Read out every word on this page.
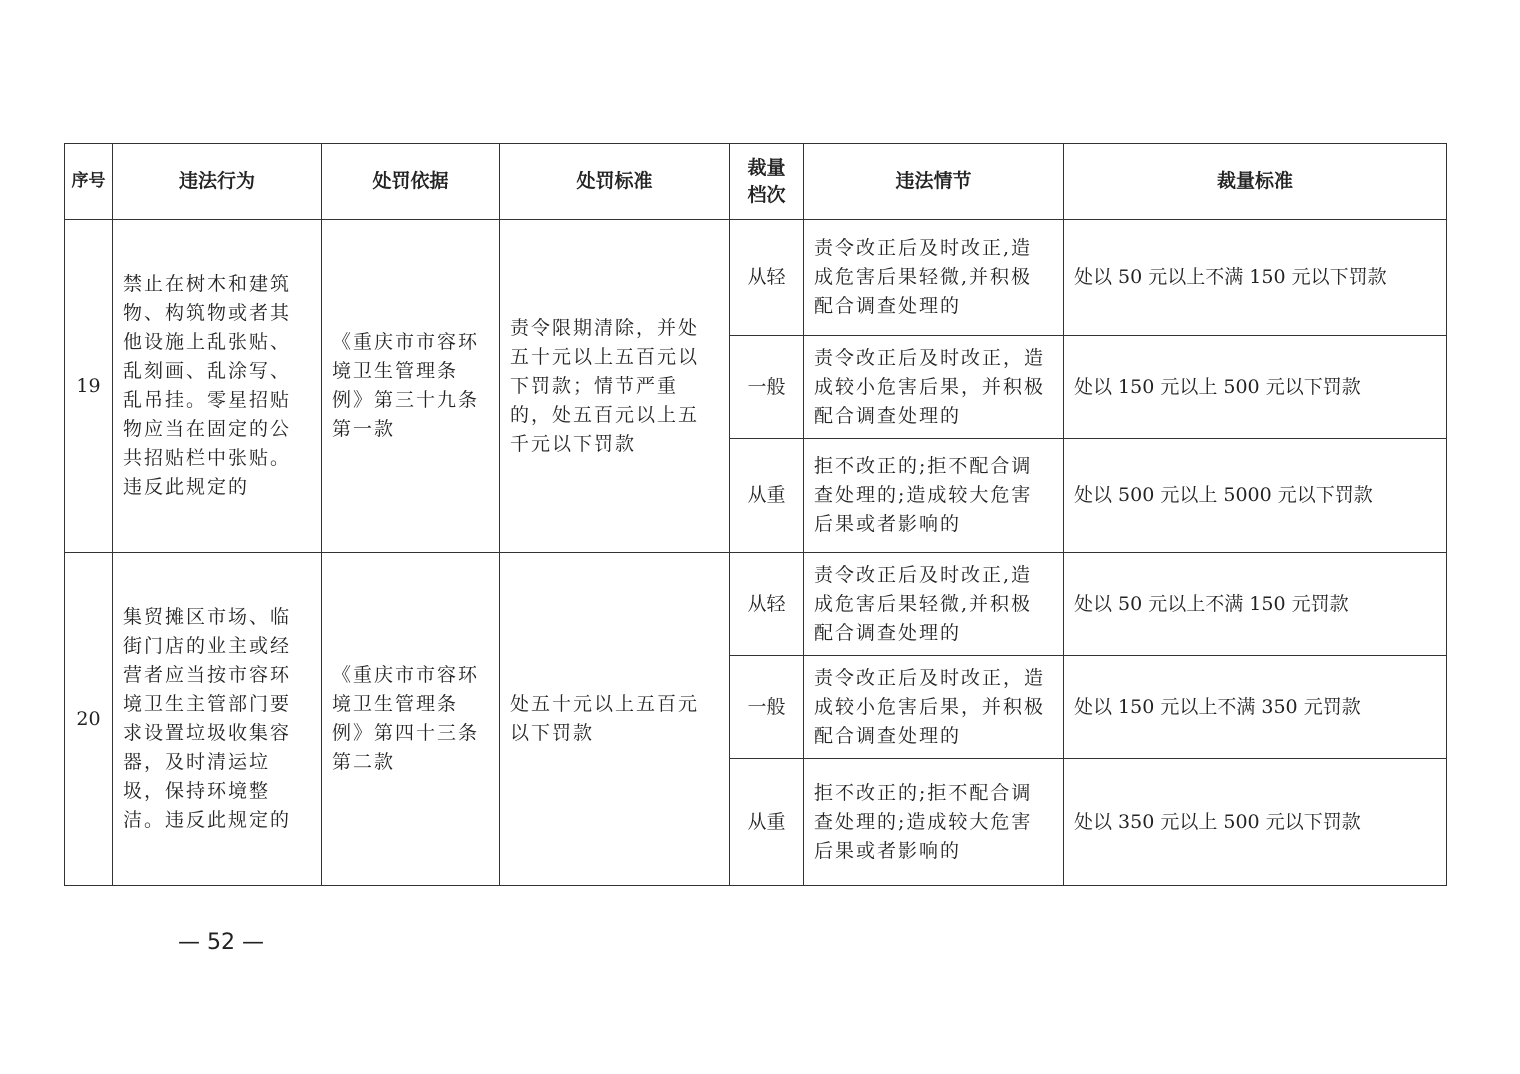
序号	违法行为	处罚依据	处罚标准	裁量档次	违法情节	裁量标准
19	禁止在树木和建筑物、构筑物或者其他设施上乱张贴、乱刻画、乱涂写、乱吊挂。零星招贴物应当在固定的公共招贴栏中张贴。违反此规定的	《重庆市市容环境卫生管理条例》第三十九条第一款	责令限期清除，并处五十元以上五百元以下罚款；情节严重的，处五百元以上五千元以下罚款	从轻	责令改正后及时改正,造成危害后果轻微,并积极配合调查处理的	处以 50 元以上不满 150 元以下罚款
				一般	责令改正后及时改正，造成较小危害后果，并积极配合调查处理的	处以 150 元以上 500 元以下罚款
				从重	拒不改正的;拒不配合调查处理的;造成较大危害后果或者影响的	处以 500 元以上 5000 元以下罚款
20	集贸摊区市场、临街门店的业主或经营者应当按市容环境卫生主管部门要求设置垃圾收集容器，及时清运垃圾，保持环境整洁。违反此规定的	《重庆市市容环境卫生管理条例》第四十三条第二款	处五十元以上五百元以下罚款	从轻	责令改正后及时改正,造成危害后果轻微,并积极配合调查处理的	处以 50 元以上不满 150 元罚款
				一般	责令改正后及时改正，造成较小危害后果，并积极配合调查处理的	处以 150 元以上不满 350 元罚款
				从重	拒不改正的;拒不配合调查处理的;造成较大危害后果或者影响的	处以 350 元以上 500 元以下罚款
— 52 —
